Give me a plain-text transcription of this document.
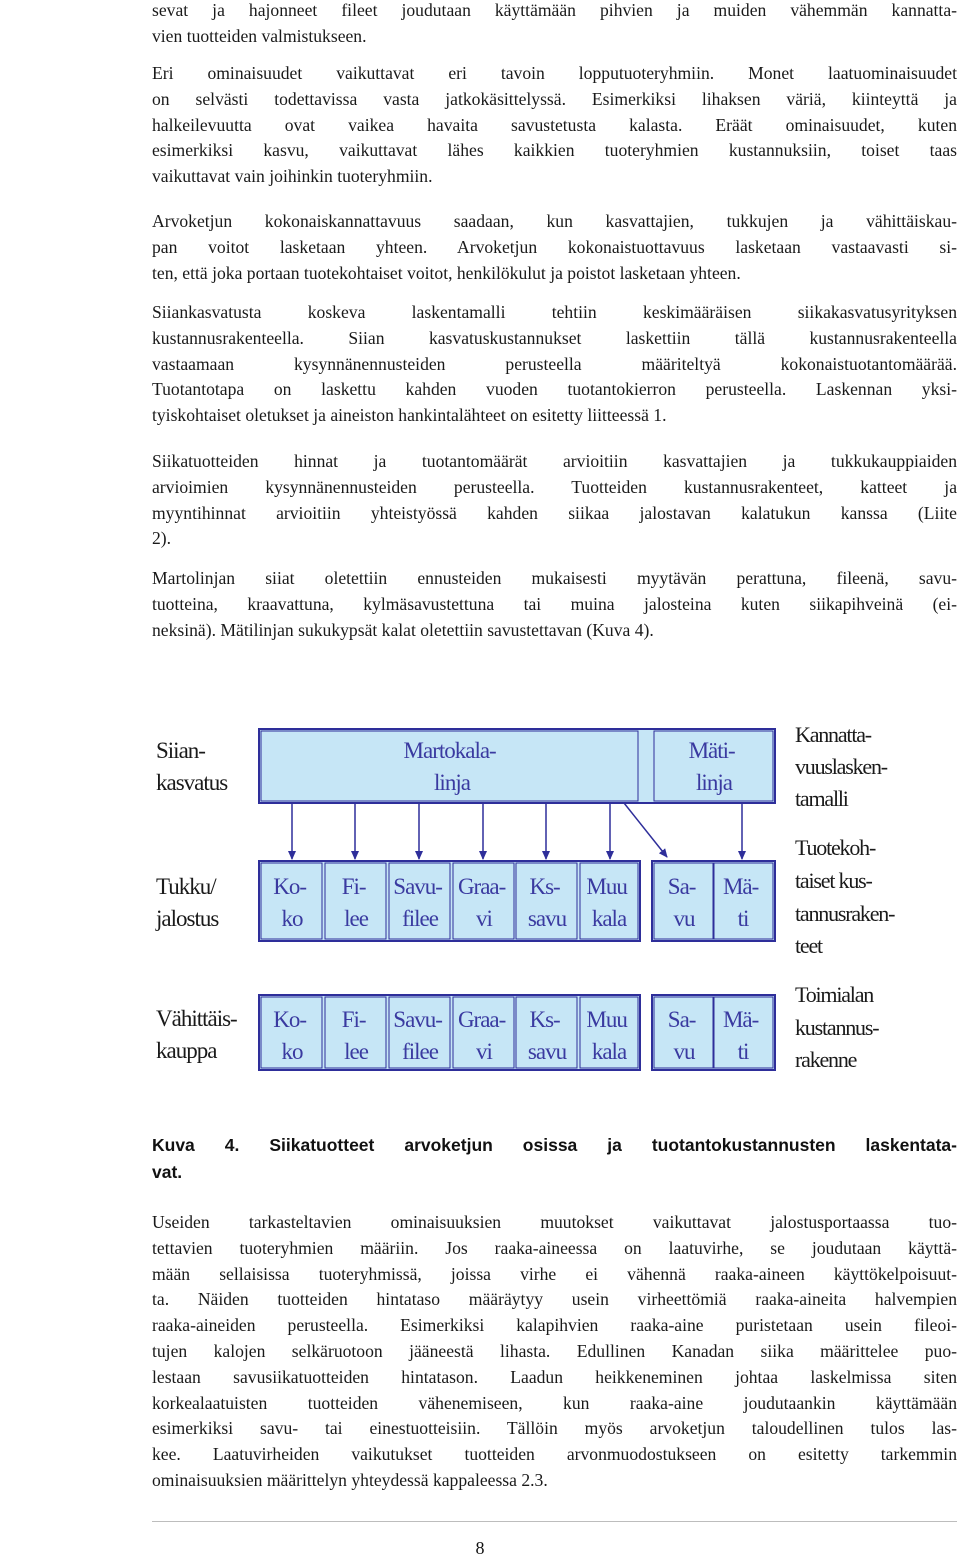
sevat ja hajonneet fileet joudutaan käyttämään pihvien ja muiden vähemmän kannatta-
vien tuotteiden valmistukseen.

Eri ominaisuudet vaikuttavat eri tavoin lopputuoteryhmiin. Monet laatuominaisuudet
on selvästi todettavissa vasta jatkokäsittelyssä. Esimerkiksi lihaksen väriä, kiinteyttä ja
halkeilevuutta ovat vaikea havaita savustetusta kalasta. Eräät ominaisuudet, kuten
esimerkiksi kasvu, vaikuttavat lähes kaikkien tuoteryhmien kustannuksiin, toiset taas
vaikuttavat vain joihinkin tuoteryhmiin.

Arvoketjun kokonaiskannattavuus saadaan, kun kasvattajien, tukkujen ja vähittäiskau-
pan voitot lasketaan yhteen. Arvoketjun kokonaistuottavuus lasketaan vastaavasti si-
ten, että joka portaan tuotekohtaiset voitot, henkilökulut ja poistot lasketaan yhteen.

Siiankasvatusta koskeva laskentamalli tehtiin keskimääräisen siikakasvatusyrityksen
kustannusrakenteella. Siian kasvatuskustannukset laskettiin tällä kustannusrakenteella
vastaamaan kysynnänennusteiden perusteella määriteltyä kokonaistuotantomäärää.
Tuotantotapa on laskettu kahden vuoden tuotantokierron perusteella. Laskennan yksi-
tyiskohtaiset oletukset ja aineiston hankintalähteet on esitetty liitteessä 1.

Siikatuotteiden hinnat ja tuotantomäärät arvioitiin kasvattajien ja tukkukauppiaiden
arvioimien kysynnänennusteiden perusteella. Tuotteiden kustannusrakenteet, katteet ja
myyntihinnat arvioitiin yhteistyössä kahden siikaa jalostavan kalatukun kanssa (Liite
2).

Martolinjan siiat oletettiin ennusteiden mukaisesti myytävän perattuna, fileenä, savu-
tuotteina, kraavattuna, kylmäsavustettuna tai muina jalosteina kuten siikapihveinä (ei-
neksinä). Mätilinjan sukukypsät kalat oletettiin savustettavan (Kuva 4).

Siian- kasvatus
Tukku/ jalostus
Vähittäis- kauppa
Martokala- linja
Mäti- linja
Ko- ko
Fi- lee
Savu- filee
Graa- vi
Ks- savu
Muu kala
Sa- vu
Mä- ti
Ko- ko
Fi- lee
Savu- filee
Graa- vi
Ks- savu
Muu kala
Sa- vu
Mä- ti
Kannatta- vuuslasken- tamalli
Tuotekoh- taiset kus- tannusraken- teet
Toimialan kustannus- rakenne
Kuva 4. Siikatuotteet arvoketjun osissa ja tuotantokustannusten laskentata-
vat.

Useiden tarkasteltavien ominaisuuksien muutokset vaikuttavat jalostusportaassa tuo-
tettavien tuoteryhmien määriin. Jos raaka-aineessa on laatuvirhe, se joudutaan käyttä-
mään sellaisissa tuoteryhmissä, joissa virhe ei vähennä raaka-aineen käyttökelpoisuut-
ta. Näiden tuotteiden hintataso määräytyy usein virheettömiä raaka-aineita halvempien
raaka-aineiden perusteella. Esimerkiksi kalapihvien raaka-aine puristetaan usein fileoi-
tujen kalojen selkäruotoon jääneestä lihasta. Edullinen Kanadan siika määrittelee puo-
lestaan savusiikatuotteiden hintatason. Laadun heikkeneminen johtaa laskelmissa siten
korkealaatuisten tuotteiden vähenemiseen, kun raaka-aine joudutaankin käyttämään
esimerkiksi savu- tai einestuotteisiin. Tällöin myös arvoketjun taloudellinen tulos las-
kee. Laatuvirheiden vaikutukset tuotteiden arvonmuodostukseen on esitetty tarkemmin
ominaisuuksien määrittelyn yhteydessä kappaleessa 2.3.

8
